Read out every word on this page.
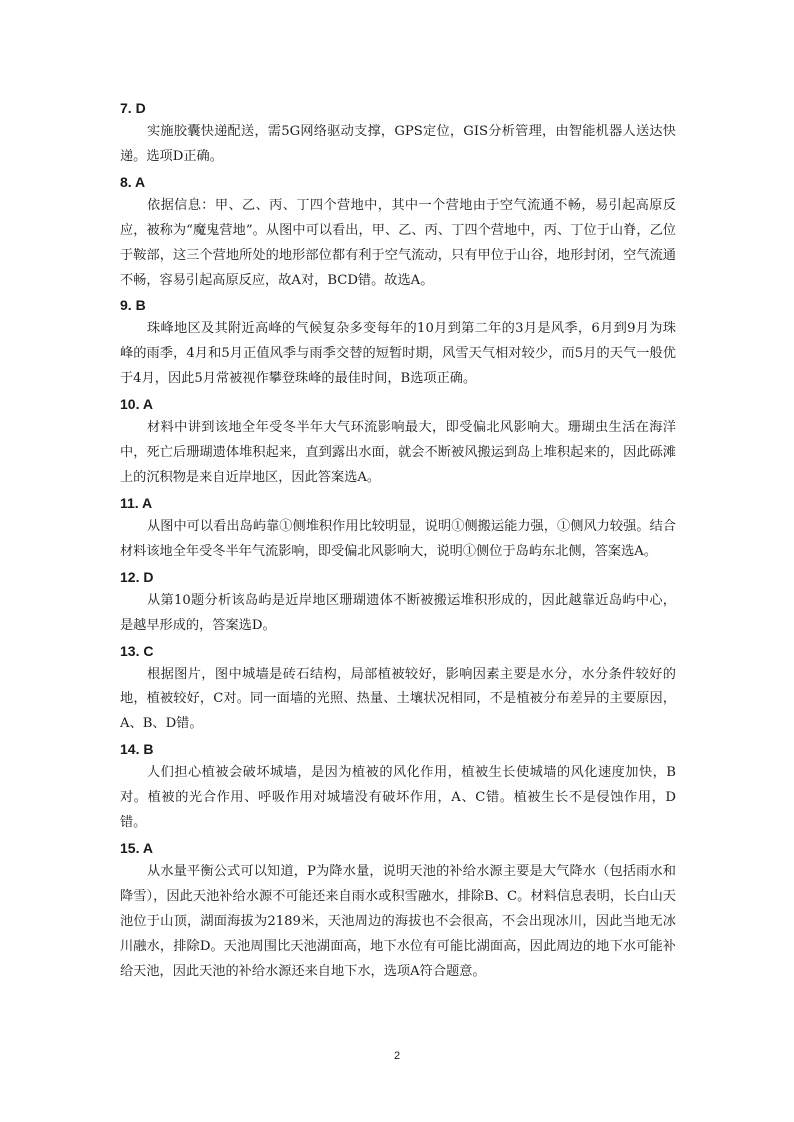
7. D

实施胶囊快递配送，需5G网络驱动支撑，GPS定位，GIS分析管理，由智能机器人送达快递。选项D正确。

8. A

依据信息：甲、乙、丙、丁四个营地中，其中一个营地由于空气流通不畅，易引起高原反应，被称为“魔鬼营地”。从图中可以看出，甲、乙、丙、丁四个营地中，丙、丁位于山脊，乙位于鞍部，这三个营地所处的地形部位都有利于空气流动，只有甲位于山谷，地形封闭，空气流通不畅，容易引起高原反应，故A对，BCD错。故选A。

9. B

珠峰地区及其附近高峰的气候复杂多变每年的10月到第二年的3月是风季，6月到9月为珠峰的雨季，4月和5月正值风季与雨季交替的短暂时期，风雪天气相对较少，而5月的天气一般优于4月，因此5月常被视作攀登珠峰的最佳时间，B选项正确。

10. A

材料中讲到该地全年受冬半年大气环流影响最大，即受偏北风影响大。珊瑚虫生活在海洋中，死亡后珊瑚遗体堆积起来，直到露出水面，就会不断被风搬运到岛上堆积起来的，因此砾滩上的沉积物是来自近岸地区，因此答案选A。

11. A

从图中可以看出岛屿靠①侧堆积作用比较明显，说明①侧搬运能力强，①侧风力较强。结合材料该地全年受冬半年气流影响，即受偏北风影响大，说明①侧位于岛屿东北侧，答案选A。

12. D

从第10题分析该岛屿是近岸地区珊瑚遗体不断被搬运堆积形成的，因此越靠近岛屿中心，是越早形成的，答案选D。

13. C

根据图片，图中城墙是砖石结构，局部植被较好，影响因素主要是水分，水分条件较好的地，植被较好，C对。同一面墙的光照、热量、土壤状况相同，不是植被分布差异的主要原因，A、B、D错。

14. B

人们担心植被会破坏城墙，是因为植被的风化作用，植被生长使城墙的风化速度加快，B对。植被的光合作用、呼吸作用对城墙没有破坏作用，A、C错。植被生长不是侵蚀作用，D错。

15. A

从水量平衡公式可以知道，P为降水量，说明天池的补给水源主要是大气降水（包括雨水和降雪），因此天池补给水源不可能还来自雨水或积雪融水，排除B、C。材料信息表明，长白山天池位于山顶，湖面海拔为2189米，天池周边的海拔也不会很高，不会出现冰川，因此当地无冰川融水，排除D。天池周围比天池湖面高，地下水位有可能比湖面高，因此周边的地下水可能补给天池，因此天池的补给水源还来自地下水，选项A符合题意。

2
